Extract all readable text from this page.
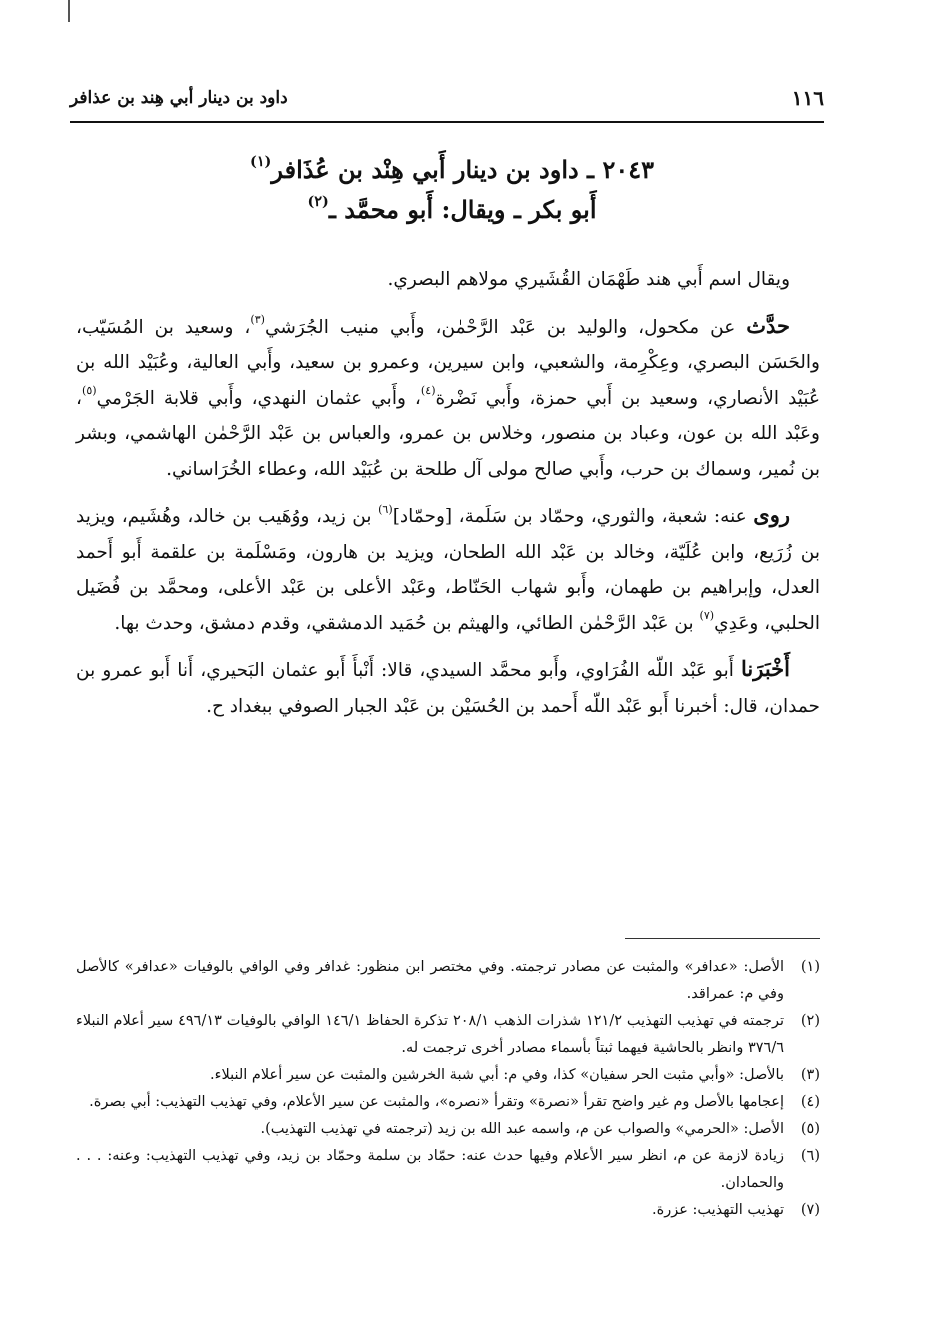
١١٦
داود بن دينار أبي هِند بن عذافر
٢٠٤٣ ـ داود بن دينار أَبي هِنْد بن عُذَافر$^{(١)}$
أَبو بكر ـ ويقال: أَبو محمَّد ـ$^{(٢)}$

ويقال اسم أَبي هند طَهْمَان القُشَيري مولاهم البصري.

حدَّث عن مكحول، والوليد بن عَبْد الرَّحْمٰن، وأَبي منيب الجُرَشي$^{(٣)}$، وسعيد بن المُسَيّب، والحَسَن البصري، وعِكْرِمة، والشعبي، وابن سيرين، وعمرو بن سعيد، وأَبي العالية، وعُبَيْد الله بن عُبَيْد الأنصاري، وسعيد بن أَبي حمزة، وأَبي نَضْرة$^{(٤)}$، وأَبي عثمان النهدي، وأَبي قلابة الجَرْمي$^{(٥)}$، وعَبْد الله بن عون، وعباد بن منصور، وخلاس بن عمرو، والعباس بن عَبْد الرَّحْمٰن الهاشمي، وبشر بن نُمير، وسماك بن حرب، وأَبي صالح مولى آل طلحة بن عُبَيْد الله، وعطاء الخُرَاساني.

روى عنه: شعبة، والثوري، وحمّاد بن سَلَمة، [وحمّاد]$^{(٦)}$ بن زيد، ووُهَيب بن خالد، وهُشَيم، ويزيد بن زُرَيع، وابن عُلَيّة، وخالد بن عَبْد الله الطحان، ويزيد بن هارون، ومَسْلَمة بن علقمة أَبو أَحمد العدل، وإبراهيم بن طهمان، وأَبو شهاب الحَنّاط، وعَبْد الأعلى بن عَبْد الأعلى، ومحمَّد بن فُضَيل الحلبي، وعَدِي$^{(٧)}$ بن عَبْد الرَّحْمٰن الطائي، والهيثم بن حُمَيد الدمشقي، وقدم دمشق، وحدث بها.

أَخْبَرَنا أَبو عَبْد اللّه الفُرَاوي، وأَبو محمَّد السيدي، قالا: أَنْبأَ أَبو عثمان البَحيري، أَنا أَبو عمرو بن حمدان، قال: أخبرنا أَبو عَبْد اللّه أَحمد بن الحُسَيْن بن عَبْد الجبار الصوفي ببغداد ح.

(١)
الأصل: «عدافر» والمثبت عن مصادر ترجمته. وفي مختصر ابن منظور: غدافر وفي الوافي بالوفيات «عدافر» كالأصل وفي م: عمراقد.
(٢)
ترجمته في تهذيب التهذيب ١٢١/٢ شذرات الذهب ٢٠٨/١ تذكرة الحفاظ ١٤٦/١ الوافي بالوفيات ٤٩٦/١٣ سير أعلام النبلاء ٣٧٦/٦ وانظر بالحاشية فيهما ثبتاً بأسماء مصادر أخرى ترجمت له.
(٣)
بالأصل: «وأبي مثبت الحر سفيان» كذا، وفي م: أبي شبة الخرشين والمثبت عن سير أعلام النبلاء.
(٤)
إعجامها بالأصل وم غير واضح تقرأ «نصرة» وتقرأ «نصره»، والمثبت عن سير الأعلام، وفي تهذيب التهذيب: أبي بصرة.
(٥)
الأصل: «الحرمي» والصواب عن م، واسمه عبد الله بن زيد (ترجمته في تهذيب التهذيب).
(٦)
زيادة لازمة عن م، انظر سير الأعلام وفيها حدث عنه: حمّاد بن سلمة وحمّاد بن زيد، وفي تهذيب التهذيب: وعنه: . . . والحمادان.
(٧)
تهذيب التهذيب: عزرة.
